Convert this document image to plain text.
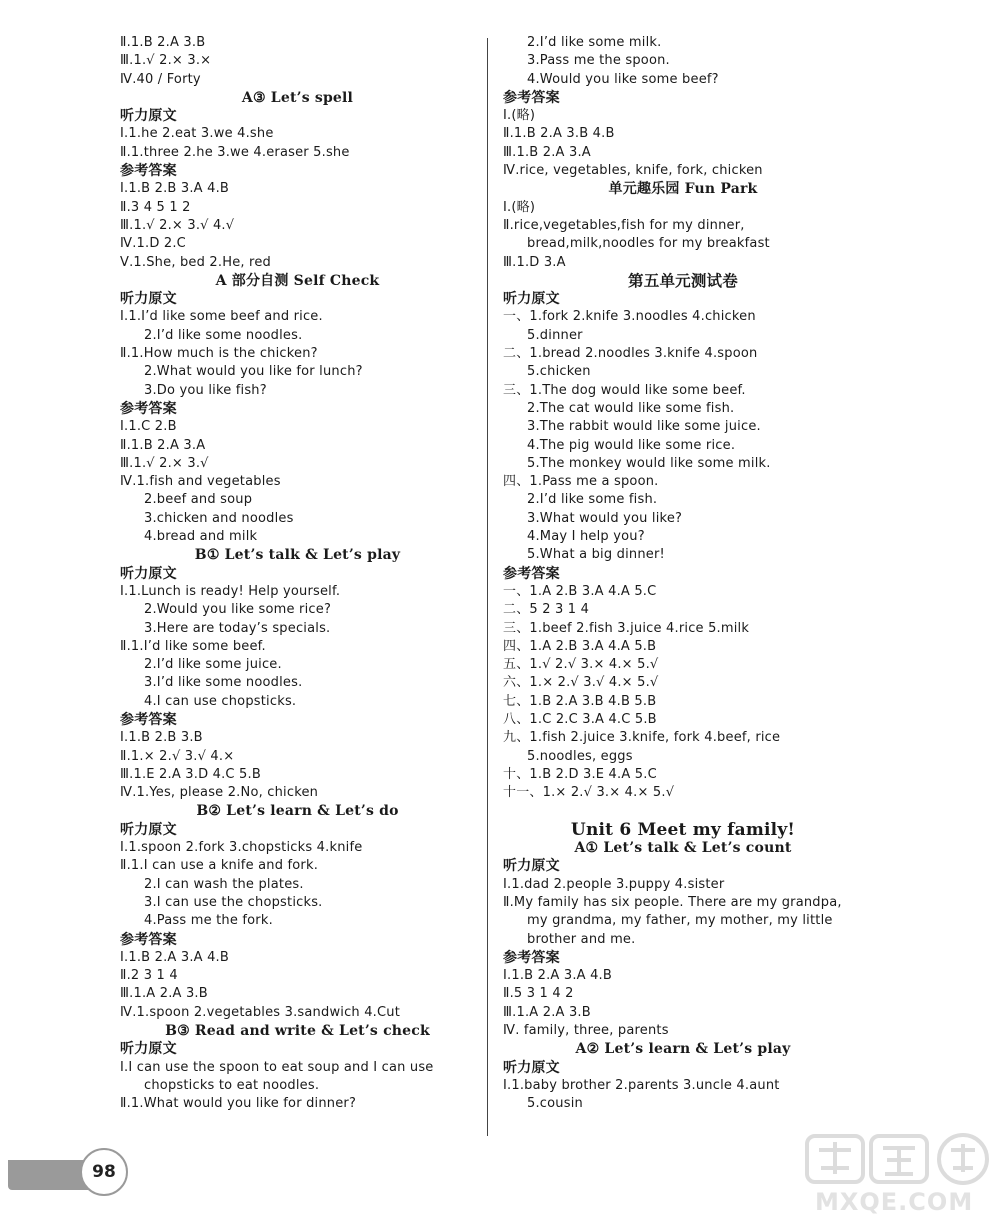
Ⅱ.1.B 2.A 3.B
Ⅲ.1.√ 2.× 3.×
Ⅳ.40 / Forty
A③ Let’s spell
听力原文
Ⅰ.1.he 2.eat 3.we 4.she
Ⅱ.1.three 2.he 3.we 4.eraser 5.she
参考答案
Ⅰ.1.B 2.B 3.A 4.B
Ⅱ.3 4 5 1 2
Ⅲ.1.√ 2.× 3.√ 4.√
Ⅳ.1.D 2.C
Ⅴ.1.She, bed 2.He, red
A 部分自测 Self Check
听力原文
Ⅰ.1.I’d like some beef and rice.
2.I’d like some noodles.
Ⅱ.1.How much is the chicken?
2.What would you like for lunch?
3.Do you like fish?
参考答案
Ⅰ.1.C 2.B
Ⅱ.1.B 2.A 3.A
Ⅲ.1.√ 2.× 3.√
Ⅳ.1.fish and vegetables
2.beef and soup
3.chicken and noodles
4.bread and milk
B① Let’s talk & Let’s play
听力原文
Ⅰ.1.Lunch is ready! Help yourself.
2.Would you like some rice?
3.Here are today’s specials.
Ⅱ.1.I’d like some beef.
2.I’d like some juice.
3.I’d like some noodles.
4.I can use chopsticks.
参考答案
Ⅰ.1.B 2.B 3.B
Ⅱ.1.× 2.√ 3.√ 4.×
Ⅲ.1.E 2.A 3.D 4.C 5.B
Ⅳ.1.Yes, please 2.No, chicken
B② Let’s learn & Let’s do
听力原文
Ⅰ.1.spoon 2.fork 3.chopsticks 4.knife
Ⅱ.1.I can use a knife and fork.
2.I can wash the plates.
3.I can use the chopsticks.
4.Pass me the fork.
参考答案
Ⅰ.1.B 2.A 3.A 4.B
Ⅱ.2 3 1 4
Ⅲ.1.A 2.A 3.B
Ⅳ.1.spoon 2.vegetables 3.sandwich 4.Cut
B③ Read and write & Let’s check
听力原文
Ⅰ.I can use the spoon to eat soup and I can use
chopsticks to eat noodles.
Ⅱ.1.What would you like for dinner?
2.I’d like some milk.
3.Pass me the spoon.
4.Would you like some beef?
参考答案
Ⅰ.(略)
Ⅱ.1.B 2.A 3.B 4.B
Ⅲ.1.B 2.A 3.A
Ⅳ.rice, vegetables, knife, fork, chicken
单元趣乐园 Fun Park
Ⅰ.(略)
Ⅱ.rice,vegetables,fish for my dinner,
bread,milk,noodles for my breakfast
Ⅲ.1.D 3.A
第五单元测试卷
听力原文
一、1.fork 2.knife 3.noodles 4.chicken
5.dinner
二、1.bread 2.noodles 3.knife 4.spoon
5.chicken
三、1.The dog would like some beef.
2.The cat would like some fish.
3.The rabbit would like some juice.
4.The pig would like some rice.
5.The monkey would like some milk.
四、1.Pass me a spoon.
2.I’d like some fish.
3.What would you like?
4.May I help you?
5.What a big dinner!
参考答案
一、1.A 2.B 3.A 4.A 5.C
二、5 2 3 1 4
三、1.beef 2.fish 3.juice 4.rice 5.milk
四、1.A 2.B 3.A 4.A 5.B
五、1.√ 2.√ 3.× 4.× 5.√
六、1.× 2.√ 3.√ 4.× 5.√
七、1.B 2.A 3.B 4.B 5.B
八、1.C 2.C 3.A 4.C 5.B
九、1.fish 2.juice 3.knife, fork 4.beef, rice
5.noodles, eggs
十、1.B 2.D 3.E 4.A 5.C
十一、1.× 2.√ 3.× 4.× 5.√
Unit 6 Meet my family!
A① Let’s talk & Let’s count
听力原文
Ⅰ.1.dad 2.people 3.puppy 4.sister
Ⅱ.My family has six people. There are my grandpa,
my grandma, my father, my mother, my little
brother and me.
参考答案
Ⅰ.1.B 2.A 3.A 4.B
Ⅱ.5 3 1 4 2
Ⅲ.1.A 2.A 3.B
Ⅳ. family, three, parents
A② Let’s learn & Let’s play
听力原文
Ⅰ.1.baby brother 2.parents 3.uncle 4.aunt
5.cousin
98
MXQE.COM
